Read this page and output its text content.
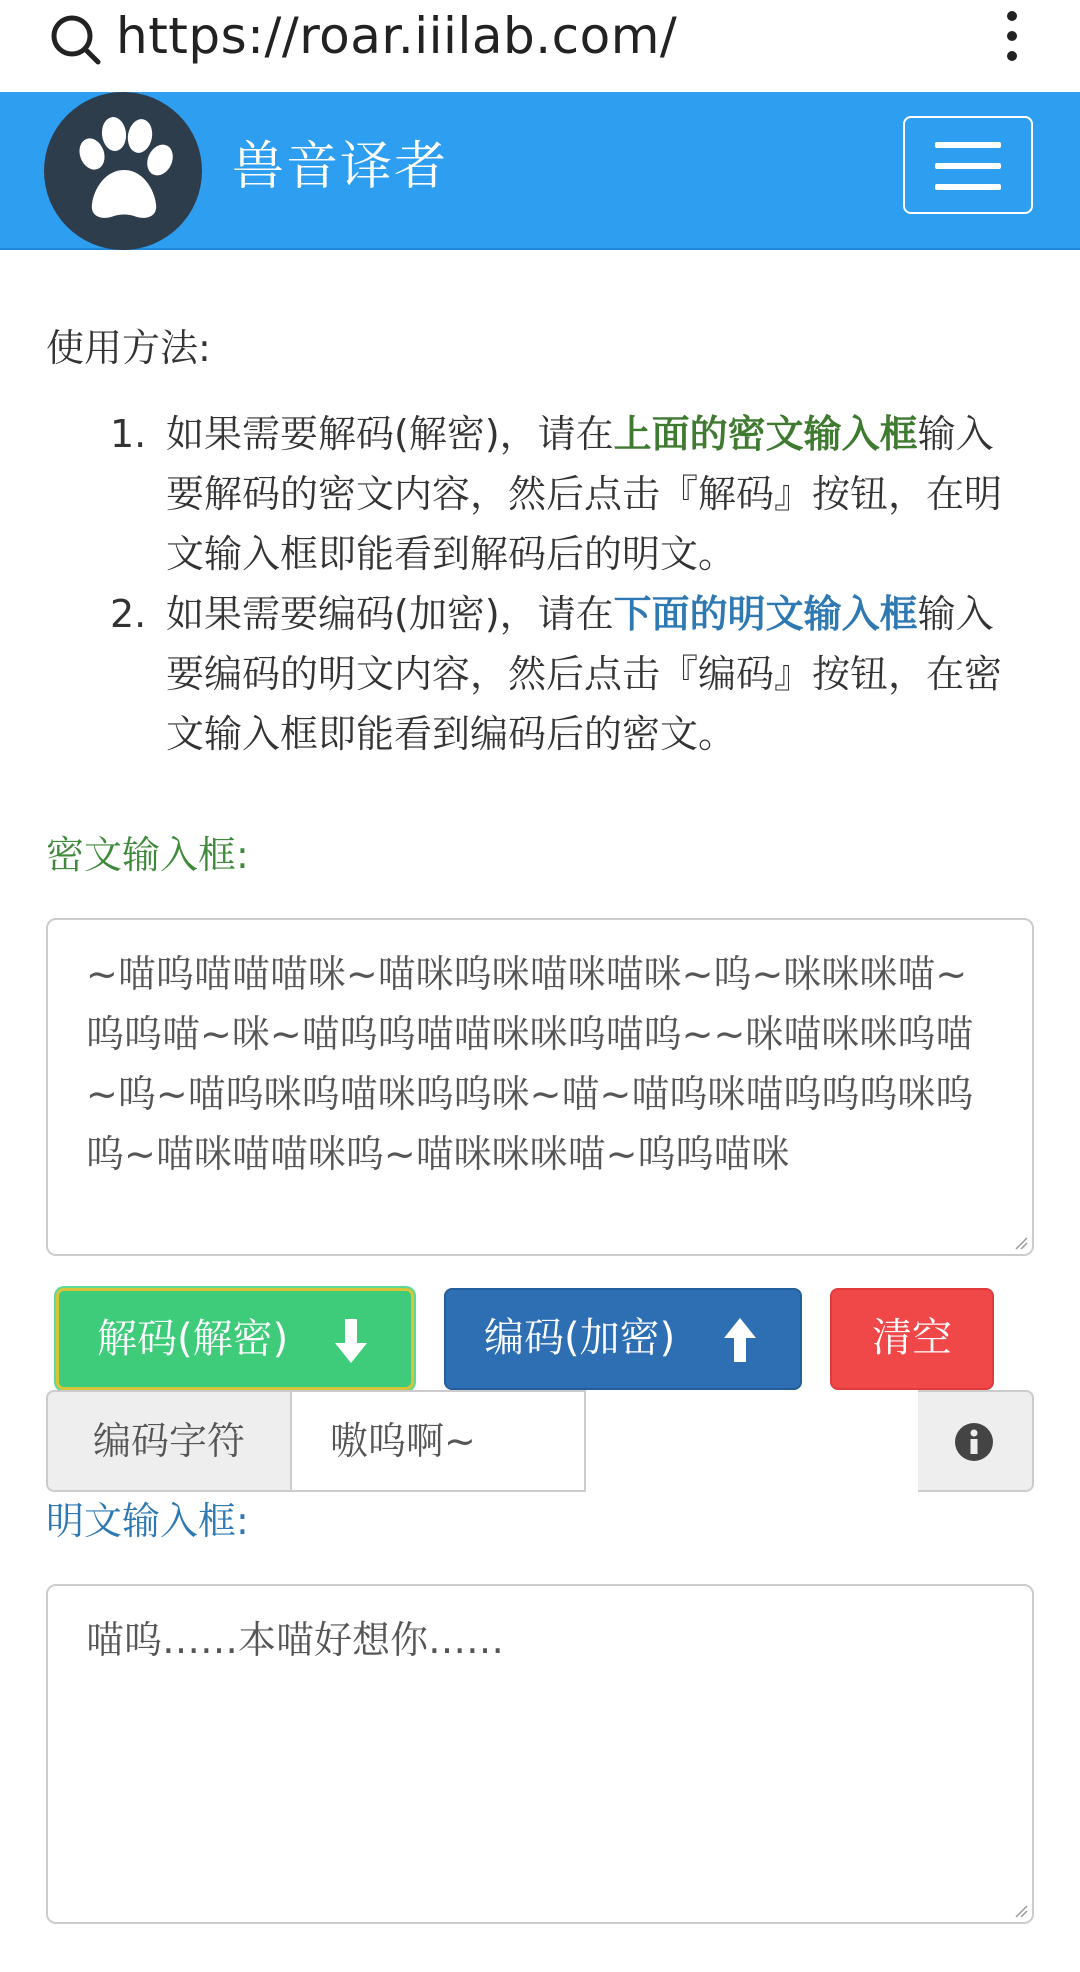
https://roar.iiilab.com/
兽音译者
使用方法:
1. 如果需要解码(解密)，请在上面的密文输入框输入要解码的密文内容，然后点击『解码』按钮，在明文输入框即能看到解码后的明文。
2. 如果需要编码(加密)，请在下面的明文输入框输入要编码的明文内容，然后点击『编码』按钮，在密文输入框即能看到编码后的密文。
密文输入框:
~喵呜喵喵喵咪~喵咪呜咪喵咪喵咪~呜~咪咪咪喵~呜呜喵~咪~喵呜呜喵喵咪咪呜喵呜~~咪喵咪咪呜喵~呜~喵呜咪呜喵咪呜呜咪~喵~喵呜咪喵呜呜呜咪呜呜~喵咪喵喵咪呜~喵咪咪咪喵~呜呜喵咪
解码(解密)	编码(加密)	清空
编码字符	嗷呜啊~
明文输入框:
喵呜……本喵好想你……
